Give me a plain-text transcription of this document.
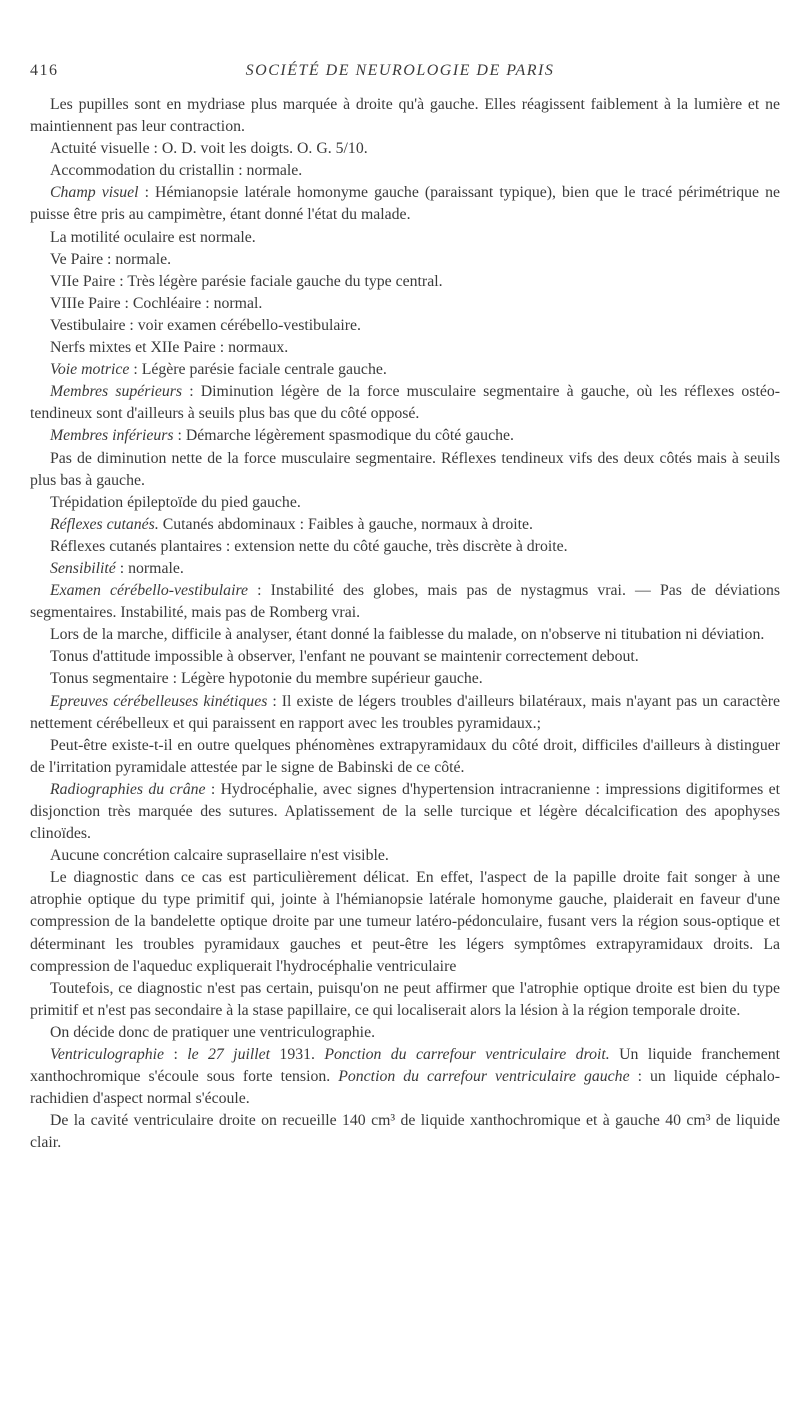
416	SOCIÉTÉ DE NEUROLOGIE DE PARIS

Les pupilles sont en mydriase plus marquée à droite qu'à gauche. Elles réagissent faiblement à la lumière et ne maintiennent pas leur contraction.

Actuité visuelle : O. D. voit les doigts. O. G. 5/10.

Accommodation du cristallin : normale.

Champ visuel : Hémianopsie latérale homonyme gauche (paraissant typique), bien que le tracé périmétrique ne puisse être pris au campimètre, étant donné l'état du malade.

La motilité oculaire est normale.

Ve Paire : normale.

VIIe Paire : Très légère parésie faciale gauche du type central.

VIIIe Paire : Cochléaire : normal.

Vestibulaire : voir examen cérébello-vestibulaire.

Nerfs mixtes et XIIe Paire : normaux.

Voie motrice : Légère parésie faciale centrale gauche.

Membres supérieurs : Diminution légère de la force musculaire segmentaire à gauche, où les réflexes ostéo-tendineux sont d'ailleurs à seuils plus bas que du côté opposé.

Membres inférieurs : Démarche légèrement spasmodique du côté gauche.

Pas de diminution nette de la force musculaire segmentaire. Réflexes tendineux vifs des deux côtés mais à seuils plus bas à gauche.

Trépidation épileptoïde du pied gauche.

Réflexes cutanés. Cutanés abdominaux : Faibles à gauche, normaux à droite.

Réflexes cutanés plantaires : extension nette du côté gauche, très discrète à droite.

Sensibilité : normale.

Examen cérébello-vestibulaire : Instabilité des globes, mais pas de nystagmus vrai. — Pas de déviations segmentaires. Instabilité, mais pas de Romberg vrai.

Lors de la marche, difficile à analyser, étant donné la faiblesse du malade, on n'observe ni titubation ni déviation.

Tonus d'attitude impossible à observer, l'enfant ne pouvant se maintenir correctement debout.

Tonus segmentaire : Légère hypotonie du membre supérieur gauche.

Epreuves cérébelleuses kinétiques : Il existe de légers troubles d'ailleurs bilatéraux, mais n'ayant pas un caractère nettement cérébelleux et qui paraissent en rapport avec les troubles pyramidaux.;

Peut-être existe-t-il en outre quelques phénomènes extrapyramidaux du côté droit, difficiles d'ailleurs à distinguer de l'irritation pyramidale attestée par le signe de Babinski de ce côté.

Radiographies du crâne : Hydrocéphalie, avec signes d'hypertension intracranienne : impressions digitiformes et disjonction très marquée des sutures. Aplatissement de la selle turcique et légère décalcification des apophyses clinoïdes.

Aucune concrétion calcaire suprasellaire n'est visible.

Le diagnostic dans ce cas est particulièrement délicat. En effet, l'aspect de la papille droite fait songer à une atrophie optique du type primitif qui, jointe à l'hémianopsie latérale homonyme gauche, plaiderait en faveur d'une compression de la bandelette optique droite par une tumeur latéro-pédonculaire, fusant vers la région sous-optique et déterminant les troubles pyramidaux gauches et peut-être les légers symptômes extrapyramidaux droits. La compression de l'aqueduc expliquerait l'hydrocéphalie ventriculaire

Toutefois, ce diagnostic n'est pas certain, puisqu'on ne peut affirmer que l'atrophie optique droite est bien du type primitif et n'est pas secondaire à la stase papillaire, ce qui localiserait alors la lésion à la région temporale droite.

On décide donc de pratiquer une ventriculographie.

Ventriculographie : le 27 juillet 1931. Ponction du carrefour ventriculaire droit. Un liquide franchement xanthochromique s'écoule sous forte tension. Ponction du carrefour ventriculaire gauche : un liquide céphalo-rachidien d'aspect normal s'écoule.

De la cavité ventriculaire droite on recueille 140 cm³ de liquide xanthochromique et à gauche 40 cm³ de liquide clair.
